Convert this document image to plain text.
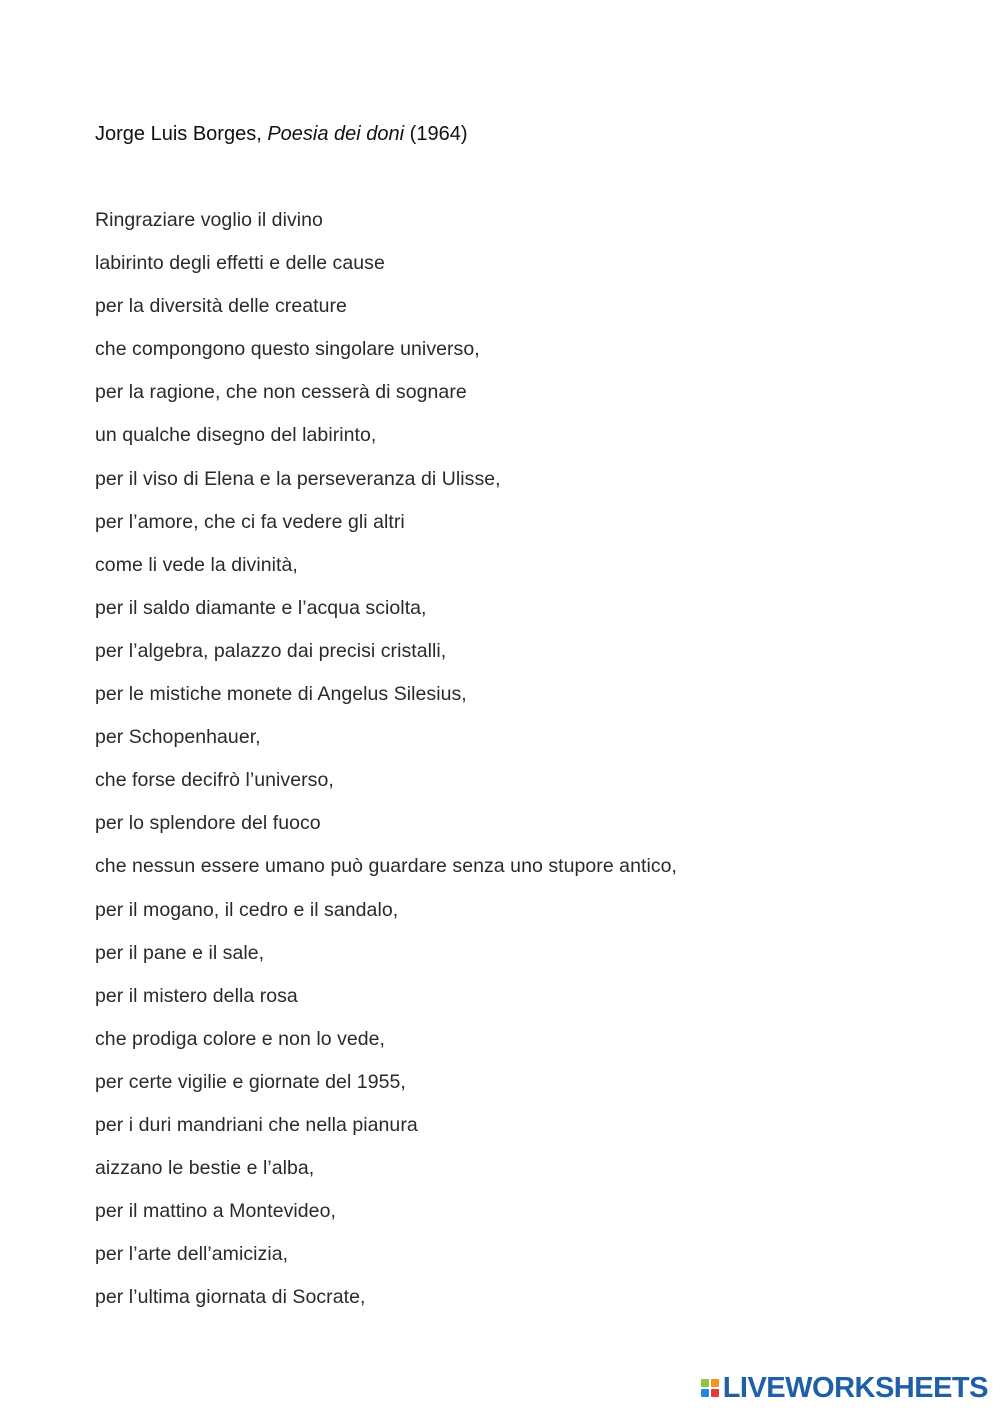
Jorge Luis Borges, Poesia dei doni (1964)
Ringraziare voglio il divino
labirinto degli effetti e delle cause
per la diversità delle creature
che compongono questo singolare universo,
per la ragione, che non cesserà di sognare
un qualche disegno del labirinto,
per il viso di Elena e la perseveranza di Ulisse,
per l’amore, che ci fa vedere gli altri
come li vede la divinità,
per il saldo diamante e l’acqua sciolta,
per l’algebra, palazzo dai precisi cristalli,
per le mistiche monete di Angelus Silesius,
per Schopenhauer,
che forse decifrò l’universo,
per lo splendore del fuoco
che nessun essere umano può guardare senza uno stupore antico,
per il mogano, il cedro e il sandalo,
per il pane e il sale,
per il mistero della rosa
che prodiga colore e non lo vede,
per certe vigilie e giornate del 1955,
per i duri mandriani che nella pianura
aizzano le bestie e l’alba,
per il mattino a Montevideo,
per l’arte dell’amicizia,
per l’ultima giornata di Socrate,
LIVEWORKSHEETS
